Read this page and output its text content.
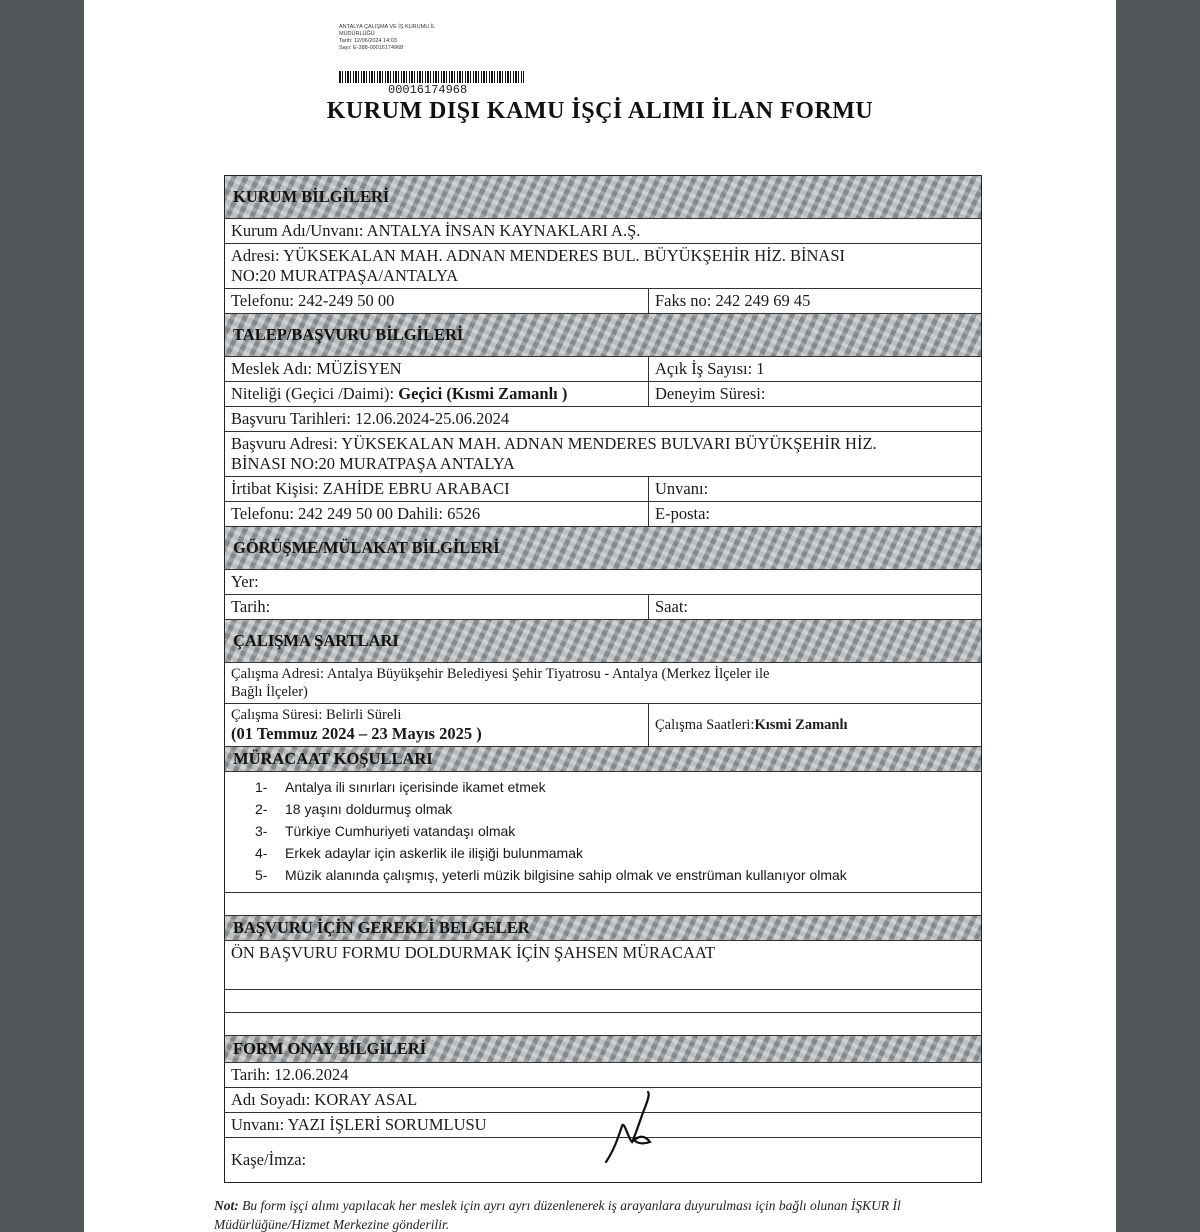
ANTALYA ÇALIŞMA VE İŞ KURUMU İL
MÜDÜRLÜĞÜ
Tarih: 12/06/2024 14:03
Sayı: E-388-00016174968
00016174968
KURUM DIŞI KAMU İŞÇİ ALIMI İLAN FORMU
KURUM BİLGİLERİ
Kurum Adı/Unvanı: ANTALYA İNSAN KAYNAKLARI A.Ş.
Adresi: YÜKSEKALAN MAH. ADNAN MENDERES BUL. BÜYÜKŞEHİR HİZ. BİNASI
NO:20 MURATPAŞA/ANTALYA
Telefonu: 242-249 50 00	Faks no: 242 249 69 45
TALEP/BAŞVURU BİLGİLERİ
Meslek Adı: MÜZİSYEN	Açık İş Sayısı: 1
Niteliği (Geçici /Daimi): Geçici (Kısmi Zamanlı )	Deneyim Süresi:
Başvuru Tarihleri: 12.06.2024-25.06.2024
Başvuru Adresi: YÜKSEKALAN MAH. ADNAN MENDERES BULVARI BÜYÜKŞEHİR HİZ.
BİNASI NO:20 MURATPAŞA ANTALYA
İrtibat Kişisi: ZAHİDE EBRU ARABACI	Unvanı:
Telefonu: 242 249 50 00 Dahili: 6526	E-posta:
GÖRÜŞME/MÜLAKAT BİLGİLERİ
Yer:
Tarih:	Saat:
ÇALIŞMA ŞARTLARI
Çalışma Adresi: Antalya Büyükşehir Belediyesi Şehir Tiyatrosu - Antalya (Merkez İlçeler ile
Bağlı İlçeler)
Çalışma Süresi: Belirli Süreli
(01 Temmuz 2024 – 23 Mayıs 2025 )	Çalışma Saatleri: Kısmi Zamanlı
MÜRACAAT KOŞULLARI
1-	Antalya ili sınırları içerisinde ikamet etmek
2-	18 yaşını doldurmuş olmak
3-	Türkiye Cumhuriyeti vatandaşı olmak
4-	Erkek adaylar için askerlik ile ilişiği bulunmamak
5-	Müzik alanında çalışmış, yeterli müzik bilgisine sahip olmak ve enstrüman kullanıyor olmak
BAŞVURU İÇİN GEREKLİ BELGELER
ÖN BAŞVURU FORMU DOLDURMAK İÇİN ŞAHSEN MÜRACAAT
FORM ONAY BİLGİLERİ
Tarih: 12.06.2024
Adı Soyadı: KORAY ASAL
Unvanı: YAZI İŞLERİ SORUMLUSU
Kaşe/İmza:
Not: Bu form işçi alımı yapılacak her meslek için ayrı ayrı düzenlenerek iş arayanlara duyurulması için bağlı olunan İŞKUR İl Müdürlüğüne/Hizmet Merkezine gönderilir.
